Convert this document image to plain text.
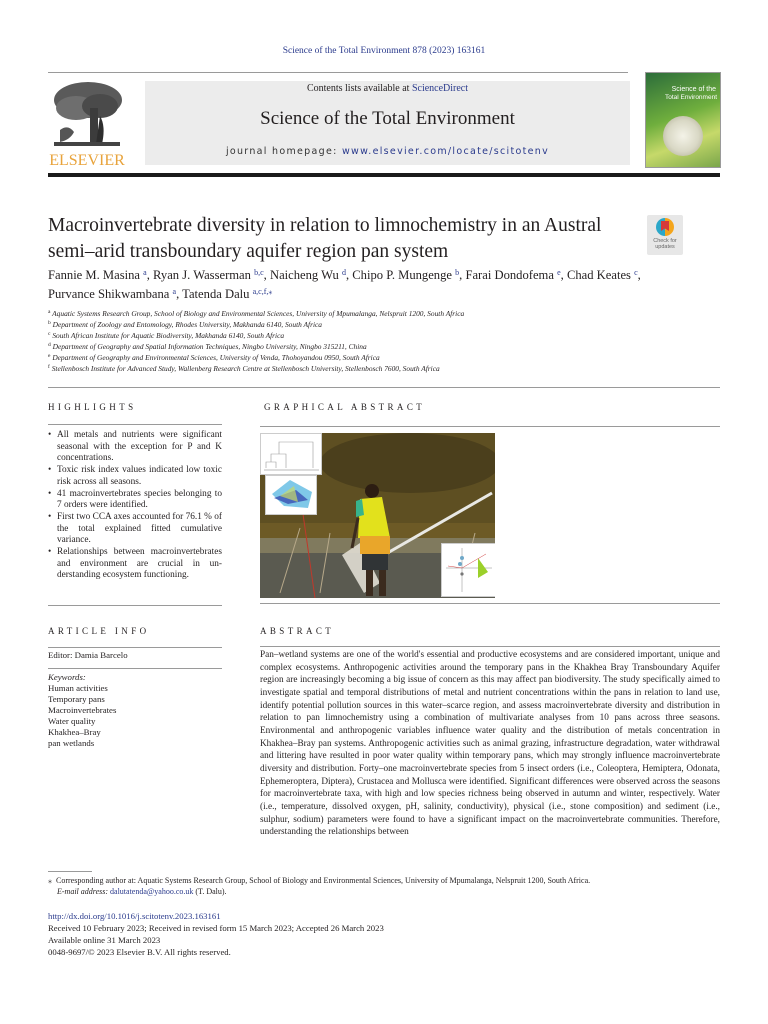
Science of the Total Environment 878 (2023) 163161
ELSEVIER
Contents lists available at ScienceDirect
Science of the Total Environment
journal homepage: www.elsevier.com/locate/scitotenv
Science of the
Total Environment
Macroinvertebrate diversity in relation to limnochemistry in an Austral semi–arid transboundary aquifer region pan system	Check for
updates
Fannie M. Masina $^a$, Ryan J. Wasserman $^{b,c}$, Naicheng Wu $^d$, Chipo P. Mungenge $^b$, Farai Dondofema $^e$, Chad Keates $^c$,
Purvance Shikwambana $^a$, Tatenda Dalu $^{a,c,f,⁎}$
$^a$ Aquatic Systems Research Group, School of Biology and Environmental Sciences, University of Mpumalanga, Nelspruit 1200, South Africa
$^b$ Department of Zoology and Entomology, Rhodes University, Makhanda 6140, South Africa
$^c$ South African Institute for Aquatic Biodiversity, Makhanda 6140, South Africa
$^d$ Department of Geography and Spatial Information Techniques, Ningbo University, Ningbo 315211, China
$^e$ Department of Geography and Environmental Sciences, University of Venda, Thohoyandou 0950, South Africa
$^f$ Stellenbosch Institute for Advanced Study, Wallenberg Research Centre at Stellenbosch University, Stellenbosch 7600, South Africa
HIGHLIGHTS
• All metals and nutrients were significant seasonal with the exception for P and K concentrations.
• Toxic risk index values indicated low toxic risk across all seasons.
• 41 macroinvertebrates species belonging to 7 orders were identified.
• First two CCA axes accounted for 76.1 % of the total explained fitted cumulative variance.
• Relationships between macroinvertebrates and environment are crucial in understanding ecosystem functioning.
GRAPHICAL ABSTRACT
ARTICLE INFO
Editor: Damia Barcelo
Keywords:
Human activities
Temporary pans
Macroinvertebrates
Water quality
Khakhea–Bray
pan wetlands
ABSTRACT
Pan–wetland systems are one of the world's essential and productive ecosystems and are considered important, unique and complex ecosystems. Anthropogenic activities around the temporary pans in the Khakhea Bray Transboundary Aquifer region are increasingly becoming a big issue of concern as this may affect pan biodiversity. The study specifically aimed to investigate spatial and temporal distributions of metal and nutrient concentrations within the pans in relation to land use, identify potential pollution sources in this water–scarce region, and assess macroinvertebrate diversity and distribution in relation to pan limnochemistry using a combination of multivariate analyses from 10 pans across three seasons. Environmental and anthropogenic variables influence water quality and the distribution of metals concentration in Khakhea–Bray pan systems. Anthropogenic activities such as animal grazing, infrastructure degradation, water withdrawal and littering have resulted in poor water quality within temporary pans, which may strongly influence macroinvertebrate diversity and distribution. Forty–one macroinvertebrate species from 5 insect orders (i.e., Coleoptera, Hemiptera, Odonata, Ephemeroptera, Diptera), Crustacea and Mollusca were identified. Significant differences were observed across the seasons for macroinvertebrate taxa, with high and low species richness being observed in autumn and winter, respectively. Water (i.e., temperature, dissolved oxygen, pH, salinity, conductivity), physical (i.e., stone composition) and sediment (i.e., sulphur, sodium) parameters were found to have a significant impact on the macroinvertebrate communities. Therefore, understanding the relationships between
⁎ Corresponding author at: Aquatic Systems Research Group, School of Biology and Environmental Sciences, University of Mpumalanga, Nelspruit 1200, South Africa.
E-mail address: dalutatenda@yahoo.co.uk (T. Dalu).
http://dx.doi.org/10.1016/j.scitotenv.2023.163161
Received 10 February 2023; Received in revised form 15 March 2023; Accepted 26 March 2023
Available online 31 March 2023
0048-9697/© 2023 Elsevier B.V. All rights reserved.
